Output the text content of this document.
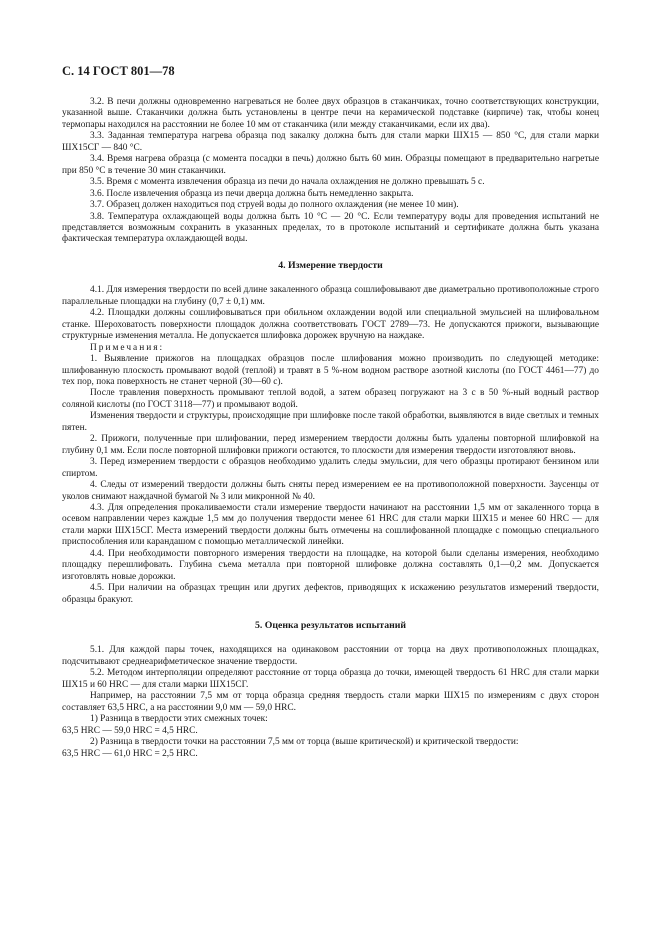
С. 14 ГОСТ 801—78

3.2. В печи должны одновременно нагреваться не более двух образцов в стаканчиках, точно соответствующих конструкции, указанной выше. Стаканчики должна быть установлены в центре печи на керамической подставке (кирпиче) так, чтобы конец термопары находился на расстоянии не более 10 мм от стаканчика (или между стаканчиками, если их два).

3.3. Заданная температура нагрева образца под закалку должна быть для стали марки ШХ15 — 850 °С, для стали марки ШХ15СГ — 840 °С.

3.4. Время нагрева образца (с момента посадки в печь) должно быть 60 мин. Образцы помещают в предварительно нагретые при 850 °С в течение 30 мин стаканчики.

3.5. Время с момента извлечения образца из печи до начала охлаждения не должно превышать 5 с.

3.6. После извлечения образца из печи дверца должна быть немедленно закрыта.

3.7. Образец должен находиться под струей воды до полного охлаждения (не менее 10 мин).

3.8. Температура охлаждающей воды должна быть 10 °С — 20 °С. Если температуру воды для проведения испытаний не представляется возможным сохранить в указанных пределах, то в протоколе испытаний и сертификате должна быть указана фактическая температура охлаждающей воды.

4. Измерение твердости

4.1. Для измерения твердости по всей длине закаленного образца сошлифовывают две диаметрально противоположные строго параллельные площадки на глубину (0,7 ± 0,1) мм.

4.2. Площадки должны сошлифовываться при обильном охлаждении водой или специальной эмульсией на шлифовальном станке. Шероховатость поверхности площадок должна соответствовать ГОСТ 2789—73. Не допускаются прижоги, вызывающие структурные изменения металла. Не допускается шлифовка дорожек вручную на наждаке.

Примечания:

1. Выявление прижогов на площадках образцов после шлифования можно производить по следующей методике: шлифованную плоскость промывают водой (теплой) и травят в 5 %-ном водном растворе азотной кислоты (по ГОСТ 4461—77) до тех пор, пока поверхность не станет черной (30—60 с).

После травления поверхность промывают теплой водой, а затем образец погружают на 3 с в 50 %-ный водный раствор соляной кислоты (по ГОСТ 3118—77) и промывают водой.

Изменения твердости и структуры, происходящие при шлифовке после такой обработки, выявляются в виде светлых и темных пятен.

2. Прижоги, полученные при шлифовании, перед измерением твердости должны быть удалены повторной шлифовкой на глубину 0,1 мм. Если после повторной шлифовки прижоги остаются, то плоскости для измерения твердости изготовляют вновь.

3. Перед измерением твердости с образцов необходимо удалить следы эмульсии, для чего образцы протирают бензином или спиртом.

4. Следы от измерений твердости должны быть сняты перед измерением ее на противоположной поверхности. Заусенцы от уколов снимают наждачной бумагой № 3 или микронной № 40.

4.3. Для определения прокаливаемости стали измерение твердости начинают на расстоянии 1,5 мм от закаленного торца в осевом направлении через каждые 1,5 мм до получения твердости менее 61 HRC для стали марки ШХ15 и менее 60 HRC — для стали марки ШХ15СГ. Места измерений твердости должны быть отмечены на сошлифованной площадке с помощью специального приспособления или карандашом с помощью металлической линейки.

4.4. При необходимости повторного измерения твердости на площадке, на которой были сделаны измерения, необходимо площадку перешлифовать. Глубина съема металла при повторной шлифовке должна составлять 0,1—0,2 мм. Допускается изготовлять новые дорожки.

4.5. При наличии на образцах трещин или других дефектов, приводящих к искажению результатов измерений твердости, образцы бракуют.

5. Оценка результатов испытаний

5.1. Для каждой пары точек, находящихся на одинаковом расстоянии от торца на двух противоположных площадках, подсчитывают среднеарифметическое значение твердости.

5.2. Методом интерполяции определяют расстояние от торца образца до точки, имеющей твердость 61 HRC для стали марки ШХ15 и 60 HRC — для стали марки ШХ15СГ.

Например, на расстоянии 7,5 мм от торца образца средняя твердость стали марки ШХ15 по измерениям с двух сторон составляет 63,5 HRC, а на расстоянии 9,0 мм — 59,0 HRC.

1) Разница в твердости этих смежных точек:

63,5 HRC — 59,0 HRC = 4,5 HRC.

2) Разница в твердости точки на расстоянии 7,5 мм от торца (выше критической) и критической твердости:

63,5 HRC — 61,0 HRC = 2,5 HRC.
